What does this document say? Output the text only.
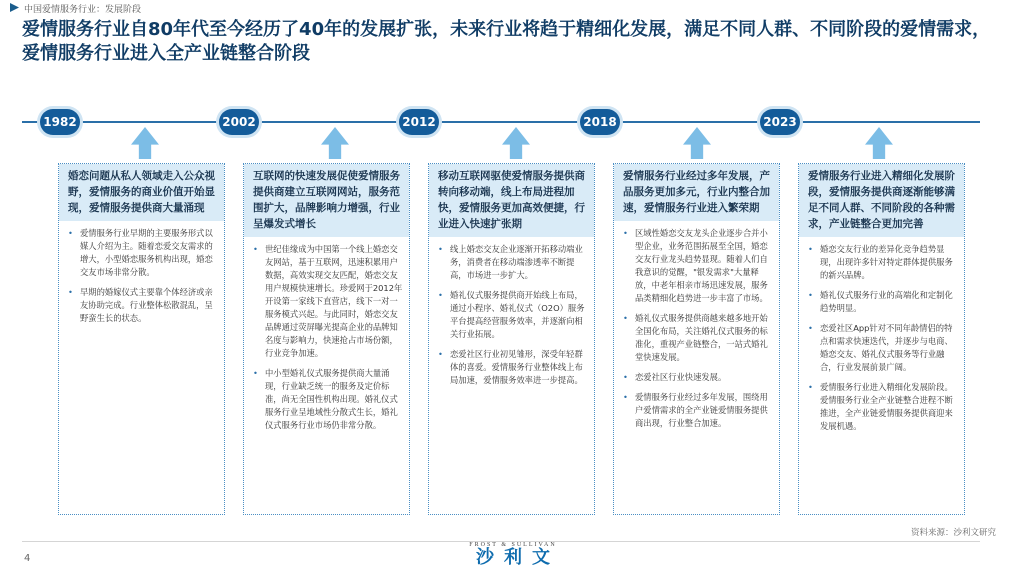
中国爱情服务行业：发展阶段
爱情服务行业自80年代至今经历了40年的发展扩张，未来行业将趋于精细化发展，满足不同人群、不同阶段的爱情需求，爱情服务行业进入全产业链整合阶段
1982	2002	2012	2018	2023
婚恋问题从私人领域走入公众视野，爱情服务的商业价值开始显现，爱情服务提供商大量涌现
• 爱情服务行业早期的主要服务形式以媒人介绍为主。随着恋爱交友需求的增大，小型婚恋服务机构出现，婚恋交友市场非常分散。
• 早期的婚嫁仪式主要靠个体经济或亲友协助完成。行业整体松散混乱，呈野蛮生长的状态。
互联网的快速发展促使爱情服务提供商建立互联网网站，服务范围扩大，品牌影响力增强，行业呈爆发式增长
• 世纪佳缘成为中国第一个线上婚恋交友网站，基于互联网，迅速积累用户数据，高效实现交友匹配，婚恋交友用户规模快速增长。珍爱网于2012年开设第一家线下直营店，线下一对一服务模式兴起。与此同时，婚恋交友品牌通过荧屏曝光提高企业的品牌知名度与影响力，快速抢占市场份额，行业竞争加速。
• 中小型婚礼仪式服务提供商大量涌现，行业缺乏统一的服务及定价标准，尚无全国性机构出现。婚礼仪式服务行业呈地域性分散式生长，婚礼仪式服务行业市场仍非常分散。
移动互联网驱使爱情服务提供商转向移动端，线上布局进程加快，爱情服务更加高效便捷，行业进入快速扩张期
• 线上婚恋交友企业逐渐开拓移动端业务，消费者在移动端渗透率不断提高，市场进一步扩大。
• 婚礼仪式服务提供商开始线上布局，通过小程序、婚礼仪式（O2O）服务平台提高经营服务效率，并逐渐向相关行业拓展。
• 恋爱社区行业初见雏形，深受年轻群体的喜爱。爱情服务行业整体线上布局加速，爱情服务效率进一步提高。
爱情服务行业经过多年发展，产品服务更加多元，行业内整合加速，爱情服务行业进入繁荣期
• 区域性婚恋交友龙头企业逐步合并小型企业，业务范围拓展至全国，婚恋交友行业龙头趋势显现。随着人们自我意识的觉醒，"银发需求"大量释放，中老年相亲市场迅速发展，服务品类精细化趋势进一步丰富了市场。
• 婚礼仪式服务提供商越来越多地开始全国化布局，关注婚礼仪式服务的标准化，重视产业链整合，一站式婚礼堂快速发展。
• 恋爱社区行业快速发展。
• 爱情服务行业经过多年发展，围绕用户爱情需求的全产业链爱情服务提供商出现，行业整合加速。
爱情服务行业进入精细化发展阶段，爱情服务提供商逐渐能够满足不同人群、不同阶段的各种需求，产业链整合更加完善
• 婚恋交友行业的差异化竞争趋势显现，出现许多针对特定群体提供服务的新兴品牌。
• 婚礼仪式服务行业的高端化和定制化趋势明显。
• 恋爱社区App针对不同年龄情侣的特点和需求快速迭代，并逐步与电商、婚恋交友、婚礼仪式服务等行业融合，行业发展前景广阔。
• 爱情服务行业进入精细化发展阶段。爱情服务行业全产业链整合进程不断推进，全产业链爱情服务提供商迎来发展机遇。
资料来源：沙利文研究
4
FROST & SULLIVAN
沙利文
